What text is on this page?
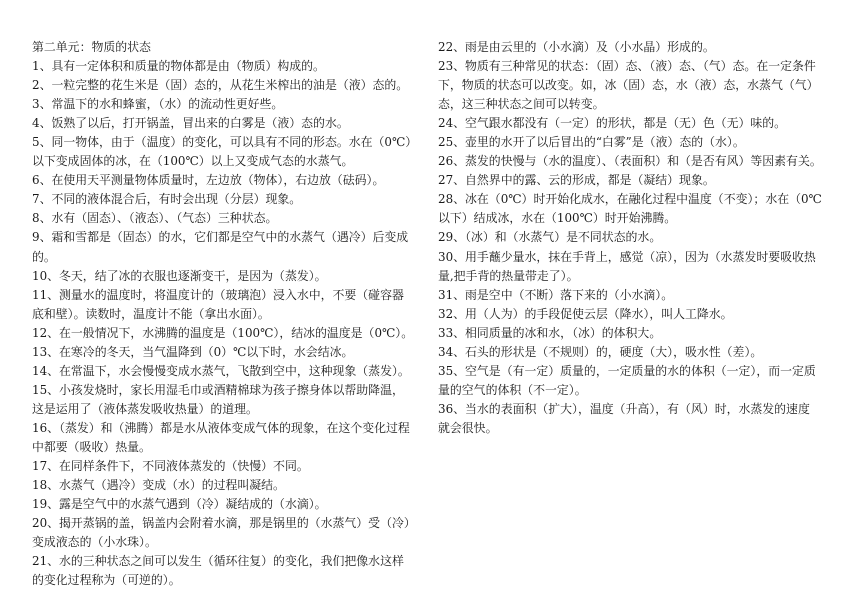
第二单元：物质的状态
1、具有一定体积和质量的物体都是由（物质）构成的。
2、一粒完整的花生米是（固）态的，从花生米榨出的油是（液）态的。
3、常温下的水和蜂蜜，（水）的流动性更好些。
4、饭熟了以后，打开锅盖，冒出来的白雾是（液）态的水。
5、同一物体，由于（温度）的变化，可以具有不同的形态。水在（0℃）
以下变成固体的冰，在（100℃）以上又变成气态的水蒸气。
6、在使用天平测量物体质量时，左边放（物体），右边放（砝码）。
7、不同的液体混合后，有时会出现（分层）现象。
8、水有（固态）、（液态）、（气态）三种状态。
9、霜和雪都是（固态）的水，它们都是空气中的水蒸气（遇冷）后变成
的。
10、冬天，结了冰的衣服也逐渐变干，是因为（蒸发）。
11、测量水的温度时，将温度计的（玻璃泡）浸入水中，不要（碰容器
底和壁）。读数时，温度计不能（拿出水面）。
12、在一般情况下，水沸腾的温度是（100℃），结冰的温度是（0℃）。
13、在寒冷的冬天，当气温降到（0）℃以下时，水会结冰。
14、在常温下，水会慢慢变成水蒸气，飞散到空中，这种现象（蒸发）。
15、小孩发烧时，家长用湿毛巾或酒精棉球为孩子擦身体以帮助降温，
这是运用了（液体蒸发吸收热量）的道理。
16、（蒸发）和（沸腾）都是水从液体变成气体的现象，在这个变化过程
中都要（吸收）热量。
17、在同样条件下，不同液体蒸发的（快慢）不同。
18、水蒸气（遇冷）变成（水）的过程叫凝结。
19、露是空气中的水蒸气遇到（冷）凝结成的（水滴）。
20、揭开蒸锅的盖，锅盖内会附着水滴，那是锅里的（水蒸气）受（冷）
变成液态的（小水珠）。
21、水的三种状态之间可以发生（循环往复）的变化，我们把像水这样
的变化过程称为（可逆的）。
22、雨是由云里的（小水滴）及（小水晶）形成的。
23、物质有三种常见的状态：（固）态、（液）态、（气）态。在一定条件
下，物质的状态可以改变。如，冰（固）态，水（液）态，水蒸气（气）
态，这三种状态之间可以转变。
24、空气跟水都没有（一定）的形状，都是（无）色（无）味的。
25、壶里的水开了以后冒出的“白雾”是（液）态的（水）。
26、蒸发的快慢与（水的温度）、（表面积）和（是否有风）等因素有关。
27、自然界中的露、云的形成，都是（凝结）现象。
28、冰在（0℃）时开始化成水，在融化过程中温度（不变）；水在（0℃
以下）结成冰，水在（100℃）时开始沸腾。
29、（冰）和（水蒸气）是不同状态的水。
30、用手蘸少量水，抹在手背上，感觉（凉），因为（水蒸发时要吸收热
量,把手背的热量带走了）。
31、雨是空中（不断）落下来的（小水滴）。
32、用（人为）的手段促使云层（降水），叫人工降水。
33、相同质量的冰和水，（冰）的体积大。
34、石头的形状是（不规则）的，硬度（大），吸水性（差）。
35、空气是（有一定）质量的，一定质量的水的体积（一定），而一定质
量的空气的体积（不一定）。
36、当水的表面积（扩大），温度（升高），有（风）时，水蒸发的速度
就会很快。
